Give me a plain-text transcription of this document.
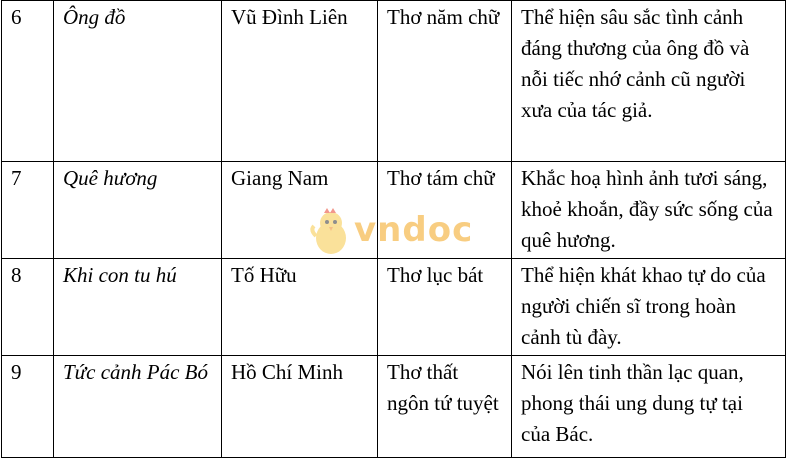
6	Ông đồ	Vũ Đình Liên	Thơ năm chữ	Thể hiện sâu sắc tình cảnh đáng thương của ông đồ và nỗi tiếc nhớ cảnh cũ người xưa của tác giả.
7	Quê hương	Giang Nam	Thơ tám chữ	Khắc hoạ hình ảnh tươi sáng, khoẻ khoắn, đầy sức sống của quê hương.
8	Khi con tu hú	Tố Hữu	Thơ lục bát	Thể hiện khát khao tự do của người chiến sĩ trong hoàn cảnh tù đày.
9	Tức cảnh Pác Bó	Hồ Chí Minh	Thơ thất ngôn tứ tuyệt	Nói lên tinh thần lạc quan, phong thái ung dung tự tại của Bác.
vndoc
